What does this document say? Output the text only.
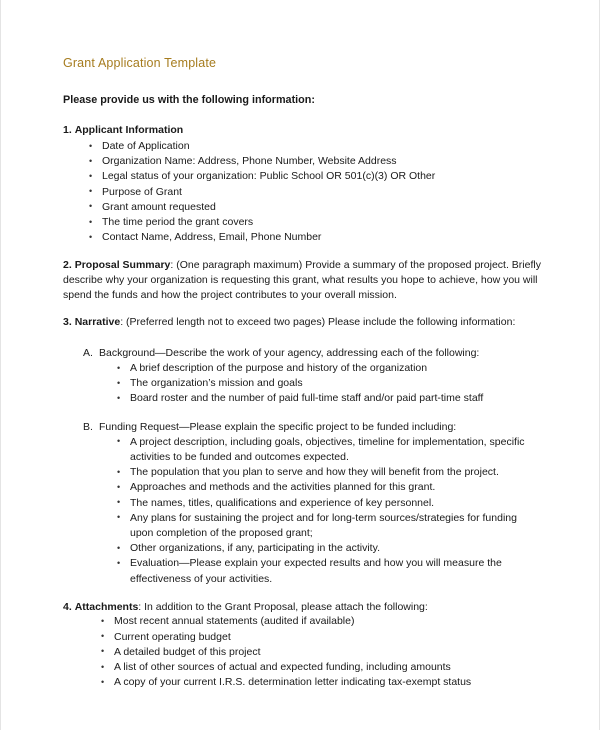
Grant Application Template

Please provide us with the following information:

1. Applicant Information
• Date of Application
• Organization Name: Address, Phone Number, Website Address
• Legal status of your organization: Public School OR 501(c)(3) OR Other
• Purpose of Grant
• Grant amount requested
• The time period the grant covers
• Contact Name, Address, Email, Phone Number

2. Proposal Summary: (One paragraph maximum) Provide a summary of the proposed project. Briefly describe why your organization is requesting this grant, what results you hope to achieve, how you will spend the funds and how the project contributes to your overall mission.

3. Narrative: (Preferred length not to exceed two pages) Please include the following information:

A. Background—Describe the work of your agency, addressing each of the following:
• A brief description of the purpose and history of the organization
• The organization’s mission and goals
• Board roster and the number of paid full-time staff and/or paid part-time staff
B. Funding Request—Please explain the specific project to be funded including:
• A project description, including goals, objectives, timeline for implementation, specific activities to be funded and outcomes expected.
• The population that you plan to serve and how they will benefit from the project.
• Approaches and methods and the activities planned for this grant.
• The names, titles, qualifications and experience of key personnel.
• Any plans for sustaining the project and for long-term sources/strategies for funding upon completion of the proposed grant;
• Other organizations, if any, participating in the activity.
• Evaluation—Please explain your expected results and how you will measure the effectiveness of your activities.

4. Attachments: In addition to the Grant Proposal, please attach the following:

• Most recent annual statements (audited if available)
• Current operating budget
• A detailed budget of this project
• A list of other sources of actual and expected funding, including amounts
• A copy of your current I.R.S. determination letter indicating tax-exempt status
